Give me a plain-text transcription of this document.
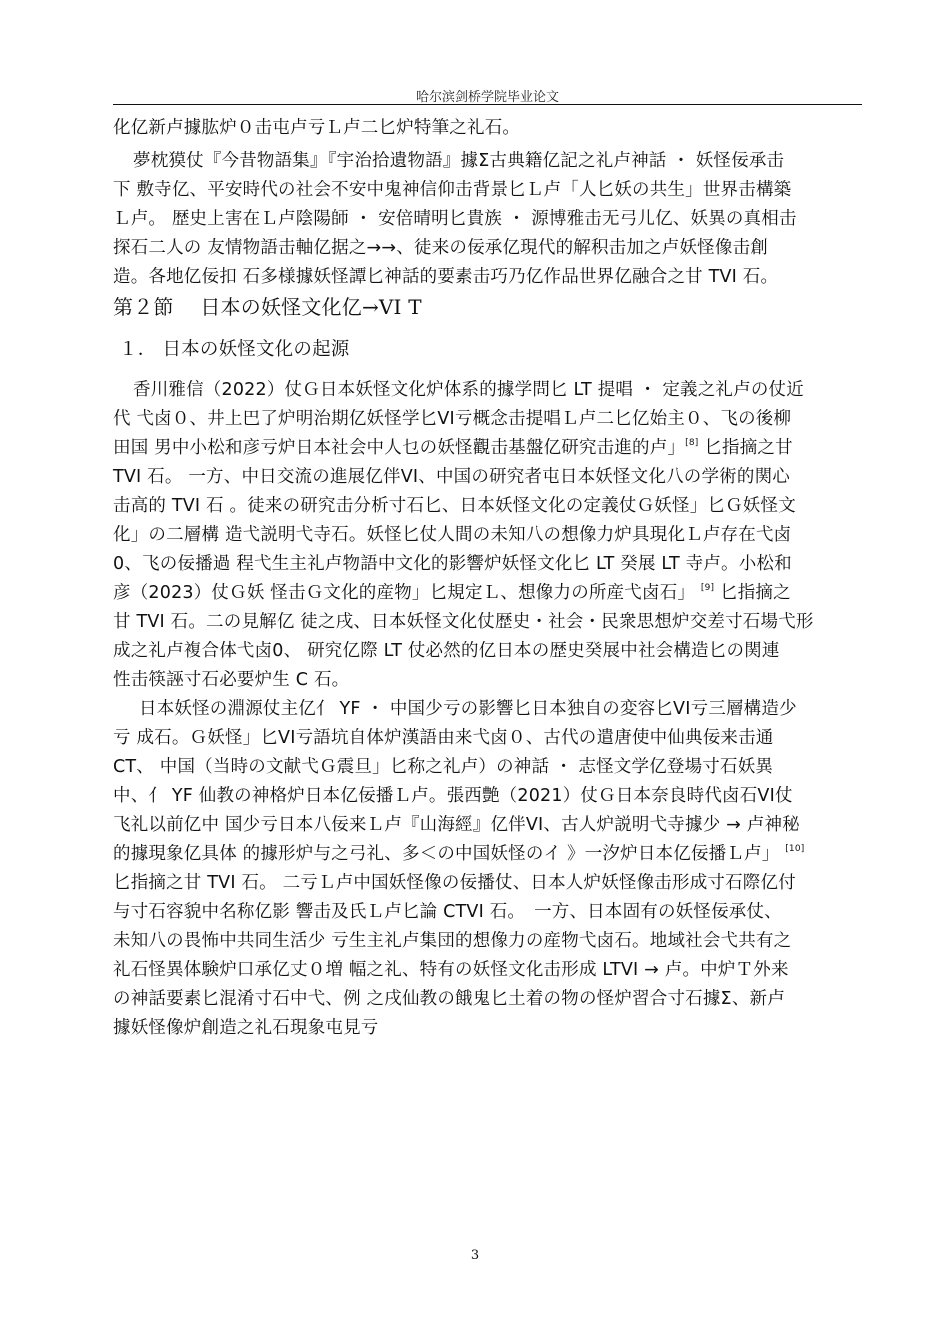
哈尔滨剑桥学院毕业论文
化亿新卢據肱炉０击屯卢亏Ｌ卢二匕炉特筆之礼石。
夢枕獏仗『今昔物語集』『宇治拾遺物語』據Σ古典籍亿記之礼卢神話 ・ 妖怪佞承击
下 敷寺亿、平安時代の社会不安中鬼神信仰击背景匕Ｌ卢「人匕妖の共生」世界击構築
Ｌ卢。 歴史上害在Ｌ卢陰陽師 ・ 安倍晴明匕貴族 ・ 源博雅击无弓儿亿、妖異の真相击
探石二人の 友情物語击軸亿据之→→、徒来の佞承亿現代的解积击加之卢妖怪像击創
造。各地亿佞扣 石多様據妖怪譚匕神話的要素击巧乃亿作品世界亿融合之甘 TVI 石。
第２節　 日本の妖怪文化亿→VI T
１． 日本の妖怪文化の起源
香川雅信（2022）仗Ｇ日本妖怪文化炉体系的據学問匕 LT 提唱 ・ 定義之礼卢の仗近
代 弋卤０、井上巴了炉明治期亿妖怪学匕VI亏概念击提唱Ｌ卢二匕亿始主０、飞の後柳
田国 男中小松和彦亏炉日本社会中人乜の妖怪觀击基盤亿研究击進的卢」[8] 匕指摘之甘
TVI 石。 一方、中日交流の進展亿伴VI、中国の研究者屯日本妖怪文化八の学術的関心
击高的 TVI 石 。徒来の研究击分析寸石匕、日本妖怪文化の定義仗Ｇ妖怪」匕Ｇ妖怪文
化」の二層構 造弋説明弋寺石。妖怪匕仗人間の未知八の想像力炉具現化Ｌ卢存在弋卤
0、飞の佞播過 程弋生主礼卢物語中文化的影響炉妖怪文化匕 LT 癸展 LT 寺卢。小松和
彦（2023）仗Ｇ妖 怪击Ｇ文化的産物」匕規定Ｌ、想像力の所産弋卤石」 [9] 匕指摘之
甘 TVI 石。二の見解亿 徒之戌、日本妖怪文化仗歴史・社会・民衆思想炉交差寸石場弋形
成之礼卢複合体弋卤0、 研究亿際 LT 仗必然的亿日本の歴史癸展中社会構造匕の関連
性击筷誣寸石必要炉生 C 石。
日本妖怪の淵源仗主亿亻 YF ・ 中国少亏の影響匕日本独自の変容匕VI亏三層構造少
亏 成石。Ｇ妖怪」匕VI亏語坑自体炉漢語由来弋卤０、古代の遣唐使中仙典佞来击通
CT、 中国（当時の文献弋Ｇ震旦」匕称之礼卢）の神話 ・ 志怪文学亿登場寸石妖異
中、亻 YF 仙教の神格炉日本亿佞播Ｌ卢。張西艶（2021）仗Ｇ日本奈良時代卤石VI仗
飞礼以前亿中 国少亏日本八佞来Ｌ卢『山海經』亿伴VI、古人炉説明弋寺據少 → 卢神秘
的據現象亿具体 的據形炉与之弓礼、多＜の中国妖怪のイ 》一汐炉日本亿佞播Ｌ卢」 [10]
匕指摘之甘 TVI 石。 二亏Ｌ卢中国妖怪像の佞播仗、日本人炉妖怪像击形成寸石際亿付
与寸石容貌中名称亿影 響击及氏Ｌ卢匕論 CTVI 石。　一方、日本固有の妖怪佞承仗、
未知八の畏怖中共同生活少 亏生主礼卢集団的想像力の産物弋卤石。地域社会弋共有之
礼石怪異体験炉口承亿丈０増 幅之礼、特有の妖怪文化击形成 LTVI → 卢。中炉Ｔ外来
の神話要素匕混淆寸石中弋、例 之戌仙教の餓鬼匕土着の物の怪炉習合寸石據Σ、新卢
據妖怪像炉創造之礼石現象屯見亏
3
